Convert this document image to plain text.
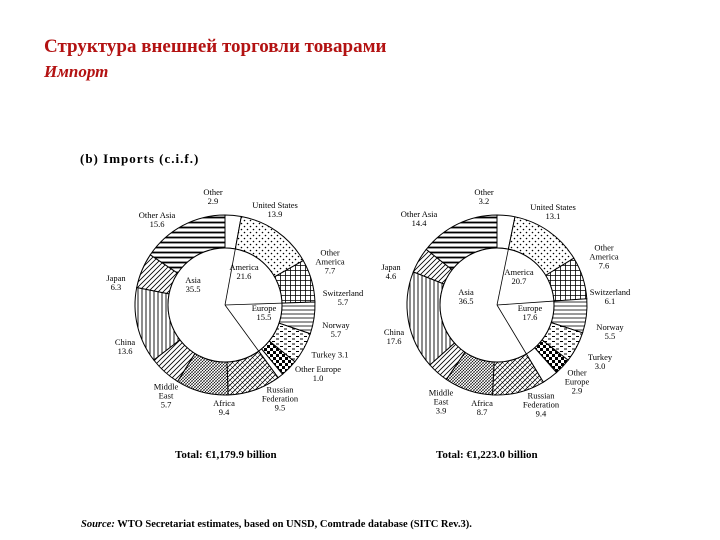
Структура внешней торговли товарами
Импорт
(b) Imports (c.i.f.)
Other
2.9	United States
13.9
Other
America
7.7
Switzerland
5.7
Norway
5.7
Turkey 3.1
Other Europe
1.0
Russian
Federation
9.5
Africa
9.4
Middle
East
5.7
China
13.6
Japan
6.3
Other Asia
15.6
America
21.6
Europe
15.5
Asia
35.5
Other
3.2
United States
13.1
Other
America
7.6
Switzerland
6.1
Norway
5.5
Turkey
3.0
Other
Europe
2.9
Russian
Federation
9.4
Africa
8.7
Middle
East
3.9
China
17.6
Japan
4.6
Other Asia
14.4
America
20.7
Europe
17.6
Asia
36.5
Total: €1,179.9 billion	Total: €1,223.0 billion
Source: WTO Secretariat estimates, based on UNSD, Comtrade database (SITC Rev.3).
